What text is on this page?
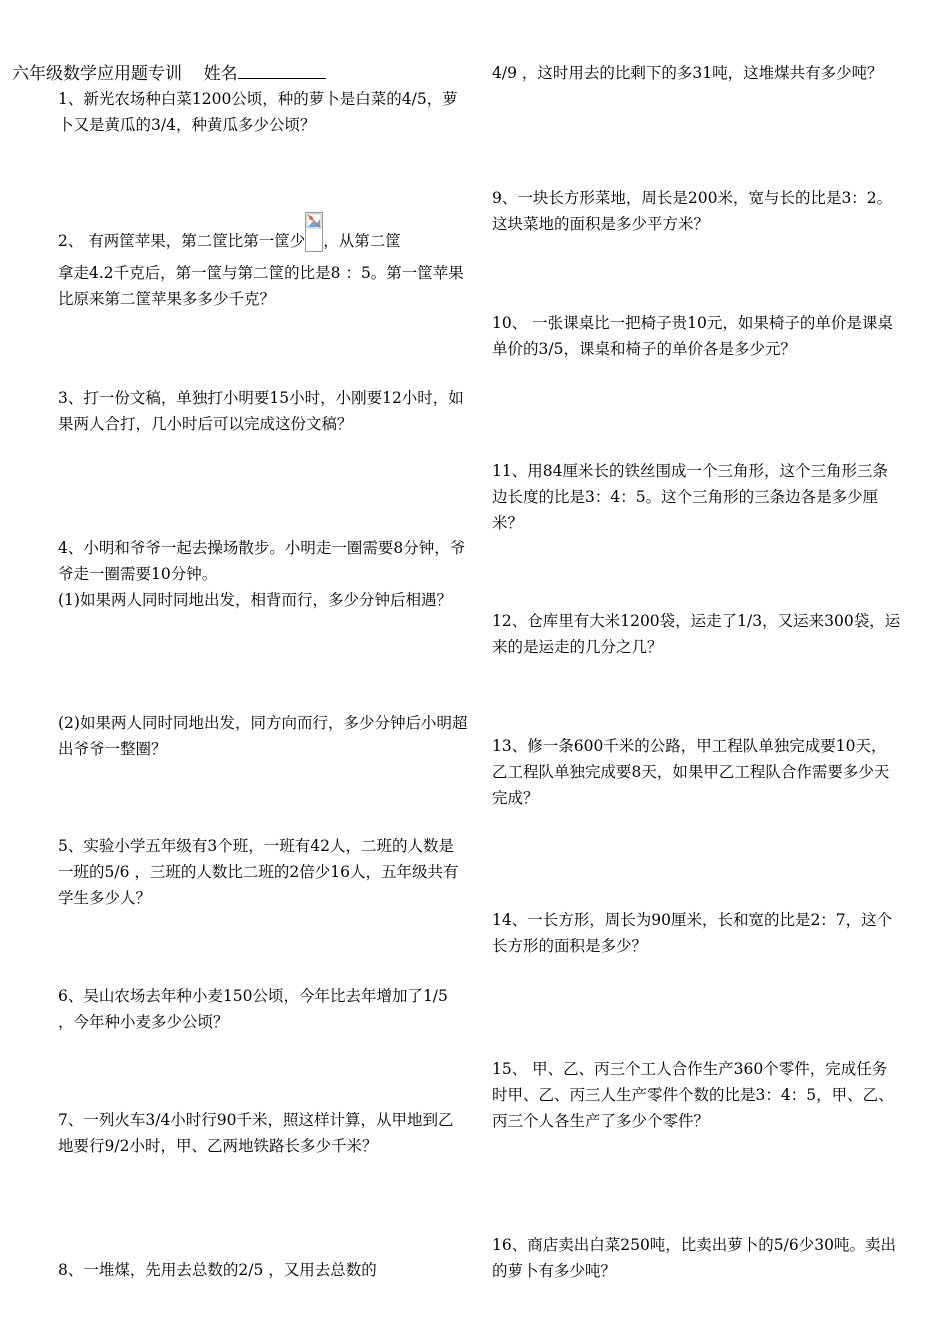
六年级数学应用题专训 姓名
1、新光农场种白菜1200公顷，种的萝卜是白菜的4/5，萝卜又是黄瓜的3/4，种黄瓜多少公顷？
2、 有两筐苹果，第二筐比第一筐少 ，从第二筐
拿走4.2千克后，第一筐与第二筐的比是8 ：5。第一筐苹果比原来第二筐苹果多多少千克？
3、打一份文稿，单独打小明要15小时，小刚要12小时，如果两人合打，几小时后可以完成这份文稿？
4、小明和爷爷一起去操场散步。小明走一圈需要8分钟，爷爷走一圈需要10分钟。
(1)如果两人同时同地出发，相背而行，多少分钟后相遇？
(2)如果两人同时同地出发，同方向而行，多少分钟后小明超出爷爷一整圈？
5、实验小学五年级有3个班，一班有42人，二班的人数是一班的5/6 ，三班的人数比二班的2倍少16人，五年级共有学生多少人？
6、吴山农场去年种小麦150公顷，今年比去年增加了1/5 ，今年种小麦多少公顷？
7、一列火车3/4小时行90千米，照这样计算，从甲地到乙地要行9/2小时，甲、乙两地铁路长多少千米？
8、一堆煤，先用去总数的2/5 ，又用去总数的
4/9 ，这时用去的比剩下的多31吨，这堆煤共有多少吨？
9、一块长方形菜地，周长是200米，宽与长的比是3：2。这块菜地的面积是多少平方米？
10、 一张课桌比一把椅子贵10元，如果椅子的单价是课桌单价的3/5，课桌和椅子的单价各是多少元？
11、用84厘米长的铁丝围成一个三角形，这个三角形三条边长度的比是3：4：5。这个三角形的三条边各是多少厘米？
12、仓库里有大米1200袋，运走了1/3，又运来300袋，运来的是运走的几分之几？
13、修一条600千米的公路，甲工程队单独完成要10天，乙工程队单独完成要8天，如果甲乙工程队合作需要多少天完成？
14、一长方形，周长为90厘米，长和宽的比是2：7，这个长方形的面积是多少？
15、 甲、乙、丙三个工人合作生产360个零件，完成任务时甲、乙、丙三人生产零件个数的比是3：4：5，甲、乙、丙三个人各生产了多少个零件？
16、商店卖出白菜250吨，比卖出萝卜的5/6少30吨。卖出的萝卜有多少吨？
